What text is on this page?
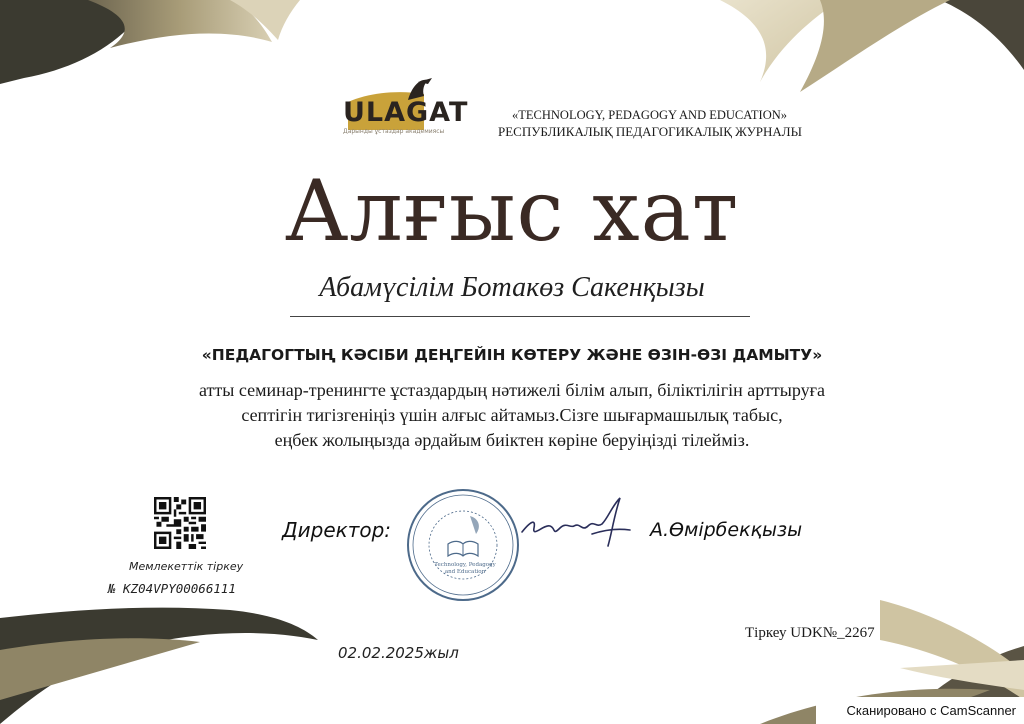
ULAGAT
Дарынды ұстаздар академиясы
«TECHNOLOGY, PEDAGOGY AND EDUCATION»
РЕСПУБЛИКАЛЫҚ ПЕДАГОГИКАЛЫҚ ЖУРНАЛЫ
Алғыс хат
Абамүсілім Ботакөз Сакенқызы
«ПЕДАГОГТЫҢ КӘСІБИ ДЕҢГЕЙІН КӨТЕРУ ЖӘНЕ ӨЗІН-ӨЗІ ДАМЫТУ»
атты семинар-тренингте ұстаздардың нәтижелі білім алып, біліктілігін арттыруға
септігін тигізгеніңіз үшін алғыс айтамыз.Сізге шығармашылық табыс,
еңбек жолыңызда әрдайым биіктен көріне беруіңізді тілейміз.
Мемлекеттік тіркеу
№ KZ04VPY00066111
Директор:
Technology, Pedagogy and Education
А.Өмірбекқызы
Тіркеу UDK№_2267
02.02.2025жыл
Сканировано с CamScanner
